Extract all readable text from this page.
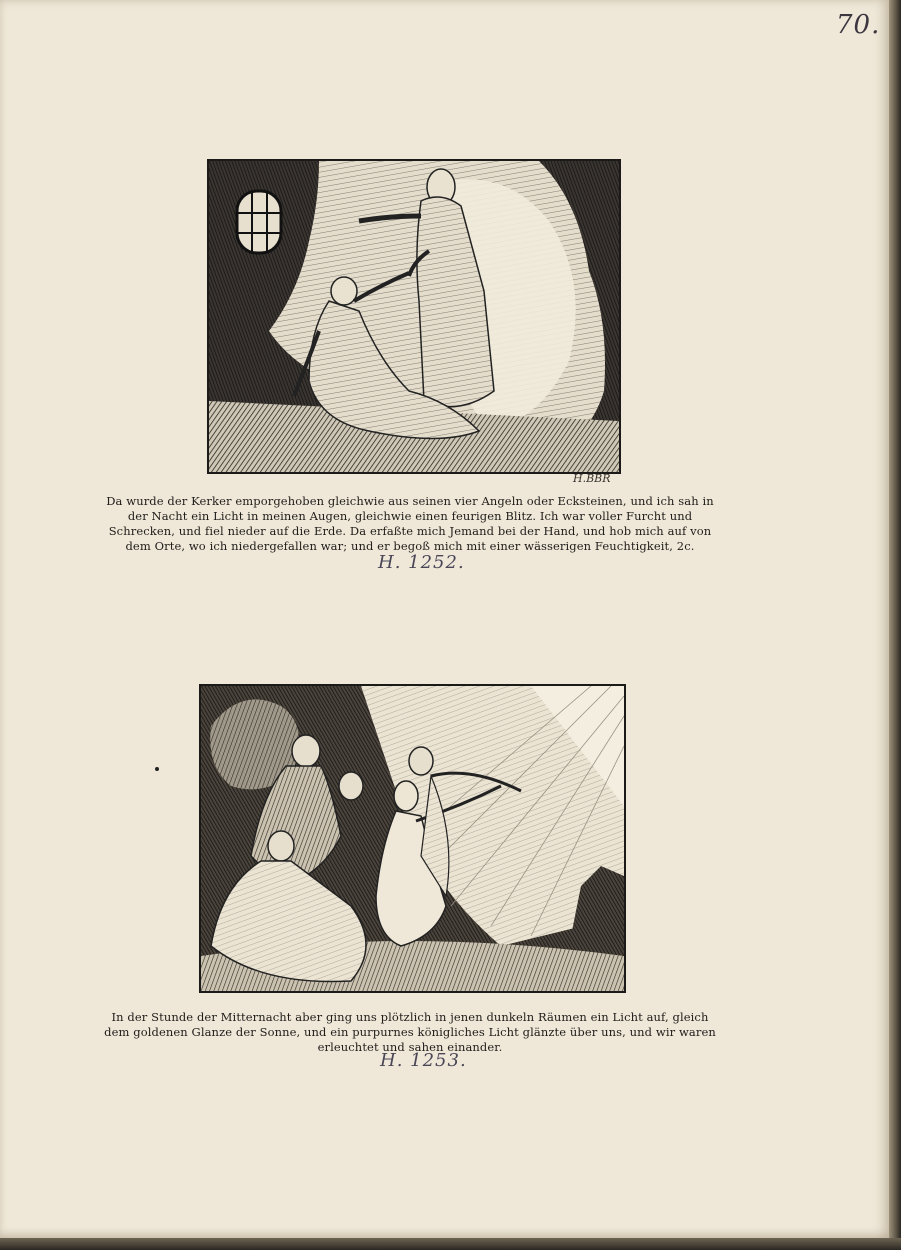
70.
H.BBR
Da wurde der Kerker emporgehoben gleichwie aus seinen vier Angeln oder Ecksteinen, und ich sah in der Nacht ein Licht in meinen Augen, gleichwie einen feurigen Blitz. Ich war voller Furcht und Schrecken, und fiel nieder auf die Erde. Da erfaßte mich Jemand bei der Hand, und hob mich auf von dem Orte, wo ich niedergefallen war; und er begoß mich mit einer wässerigen Feuchtigkeit, 2c.
H. 1252.
In der Stunde der Mitternacht aber ging uns plötzlich in jenen dunkeln Räumen ein Licht auf, gleich dem goldenen Glanze der Sonne, und ein purpurnes königliches Licht glänzte über uns, und wir waren erleuchtet und sahen einander.
H. 1253.
